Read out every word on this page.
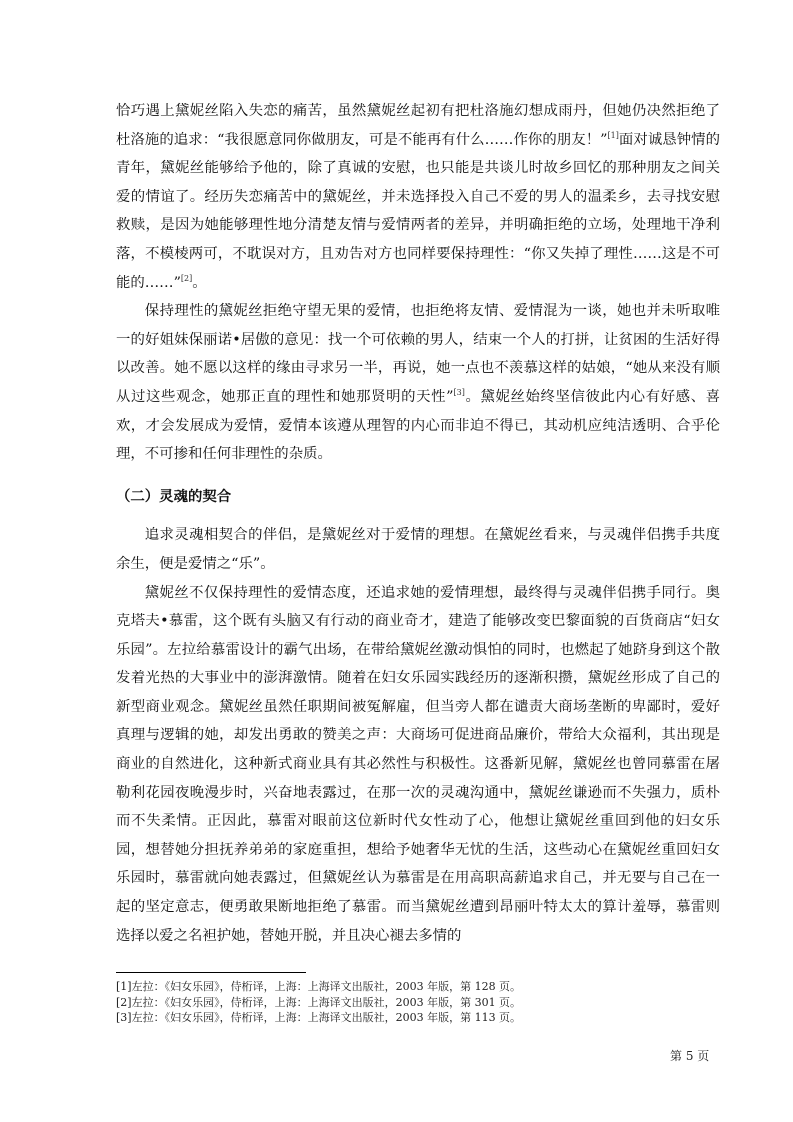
恰巧遇上黛妮丝陷入失恋的痛苦，虽然黛妮丝起初有把杜洛施幻想成雨丹，但她仍决然拒绝了杜洛施的追求：“我很愿意同你做朋友，可是不能再有什么……作你的朋友！”[1]面对诚恳钟情的青年，黛妮丝能够给予他的，除了真诚的安慰，也只能是共谈儿时故乡回忆的那种朋友之间关爱的情谊了。经历失恋痛苦中的黛妮丝，并未选择投入自己不爱的男人的温柔乡，去寻找安慰救赎，是因为她能够理性地分清楚友情与爱情两者的差异，并明确拒绝的立场，处理地干净利落，不模棱两可，不耽误对方，且劝告对方也同样要保持理性：“你又失掉了理性……这是不可能的……”[2]。

保持理性的黛妮丝拒绝守望无果的爱情，也拒绝将友情、爱情混为一谈，她也并未听取唯一的好姐妹保丽诺•居傲的意见：找一个可依赖的男人，结束一个人的打拼，让贫困的生活好得以改善。她不愿以这样的缘由寻求另一半，再说，她一点也不羡慕这样的姑娘，“她从来没有顺从过这些观念，她那正直的理性和她那贤明的天性”[3]。黛妮丝始终坚信彼此内心有好感、喜欢，才会发展成为爱情，爱情本该遵从理智的内心而非迫不得已，其动机应纯洁透明、合乎伦理，不可掺和任何非理性的杂质。

（二）灵魂的契合

追求灵魂相契合的伴侣，是黛妮丝对于爱情的理想。在黛妮丝看来，与灵魂伴侣携手共度余生，便是爱情之“乐”。

黛妮丝不仅保持理性的爱情态度，还追求她的爱情理想，最终得与灵魂伴侣携手同行。奥克塔夫•慕雷，这个既有头脑又有行动的商业奇才，建造了能够改变巴黎面貌的百货商店“妇女乐园”。左拉给慕雷设计的霸气出场，在带给黛妮丝激动惧怕的同时，也燃起了她跻身到这个散发着光热的大事业中的澎湃激情。随着在妇女乐园实践经历的逐渐积攒，黛妮丝形成了自己的新型商业观念。黛妮丝虽然任职期间被冤解雇，但当旁人都在谴责大商场垄断的卑鄙时，爱好真理与逻辑的她，却发出勇敢的赞美之声：大商场可促进商品廉价，带给大众福利，其出现是商业的自然进化，这种新式商业具有其必然性与积极性。这番新见解，黛妮丝也曾同慕雷在屠勒利花园夜晚漫步时，兴奋地表露过，在那一次的灵魂沟通中，黛妮丝谦逊而不失强力，质朴而不失柔情。正因此，慕雷对眼前这位新时代女性动了心，他想让黛妮丝重回到他的妇女乐园，想替她分担抚养弟弟的家庭重担，想给予她奢华无忧的生活，这些动心在黛妮丝重回妇女乐园时，慕雷就向她表露过，但黛妮丝认为慕雷是在用高职高薪追求自己，并无要与自己在一起的坚定意志，便勇敢果断地拒绝了慕雷。而当黛妮丝遭到昂丽叶特太太的算计羞辱，慕雷则选择以爱之名袒护她，替她开脱，并且决心褪去多情的

[1]左拉：《妇女乐园》，侍桁译，上海：上海译文出版社，2003 年版，第 128 页。
[2]左拉：《妇女乐园》，侍桁译，上海：上海译文出版社，2003 年版，第 301 页。
[3]左拉：《妇女乐园》，侍桁译，上海：上海译文出版社，2003 年版，第 113 页。
第 5 页
